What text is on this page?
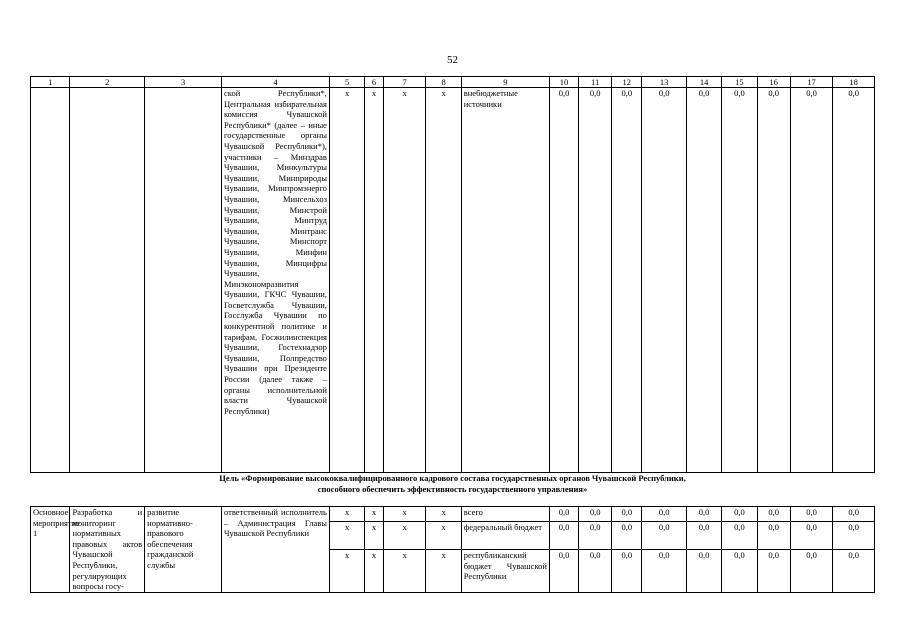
52
1	2	3	4	5	6	7	8	9	10	11	12	13	14	15	16	17	18
			ской Республики*, Центральная избирательная комиссия Чувашской Республики* (далее – иные государственные органы Чувашской Республики*), участники – Минздрав Чувашии, Минкультуры Чувашии, Минприроды Чувашии, Минпромэнерго Чувашии, Минсельхоз Чувашии, Минстрой Чувашии, Минтруд Чувашии, Минтранс Чувашии, Минспорт Чувашии, Минфин Чувашии, Минцифры Чувашии, Минэкономразвития Чувашии, ГКЧС Чувашии, Госветслужба Чувашии, Госслужба Чувашии по конкурентной политике и тарифам, Госжилинспекция Чувашии, Гостехнадзор Чувашии, Полпредство Чувашии при Президенте России (далее также – органы исполнительной власти Чувашской Республики)	x	x	x	x	внебюджетные источники	0,0	0,0	0,0	0,0	0,0	0,0	0,0	0,0	0,0
Цель «Формирование высококвалифицированного кадрового состава государственных органов Чувашской Республики,
способного обеспечить эффективность государственного управления»
Основное мероприятие 1	Разработка и мониторинг нормативных правовых актов Чувашской Республики, регулирующих вопросы госу-	развитие нормативно-правового обеспечения гражданской службы	ответственный исполнитель – Администрация Главы Чувашской Республики	x	x	x	x	всего	0,0	0,0	0,0	0,0	0,0	0,0	0,0	0,0	0,0
				x	x	x	x	федеральный бюджет	0,0	0,0	0,0	0,0	0,0	0,0	0,0	0,0	0,0
				x	x	x	x	республиканский бюджет Чувашской Республики	0,0	0,0	0,0	0,0	0,0	0,0	0,0	0,0	0,0
